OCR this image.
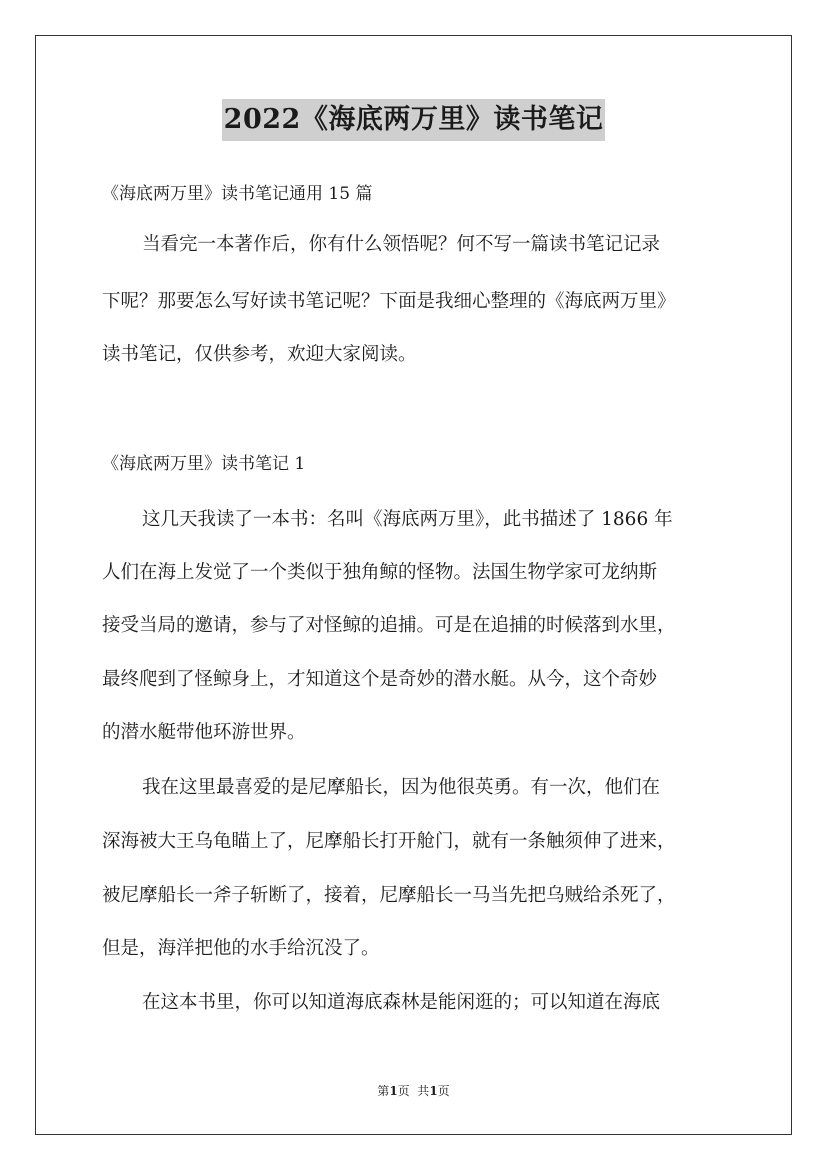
2022《海底两万里》读书笔记
《海底两万里》读书笔记通用 15 篇
当看完一本著作后，你有什么领悟呢？何不写一篇读书笔记记录
下呢？那要怎么写好读书笔记呢？下面是我细心整理的《海底两万里》
读书笔记，仅供参考，欢迎大家阅读。
《海底两万里》读书笔记 1
这几天我读了一本书：名叫《海底两万里》，此书描述了 1866 年
人们在海上发觉了一个类似于独角鲸的怪物。法国生物学家可龙纳斯
接受当局的邀请，参与了对怪鲸的追捕。可是在追捕的时候落到水里，
最终爬到了怪鲸身上，才知道这个是奇妙的潜水艇。从今，这个奇妙
的潜水艇带他环游世界。
我在这里最喜爱的是尼摩船长，因为他很英勇。有一次，他们在
深海被大王乌龟瞄上了，尼摩船长打开舱门，就有一条触须伸了进来，
被尼摩船长一斧子斩断了，接着，尼摩船长一马当先把乌贼给杀死了，
但是，海洋把他的水手给沉没了。
在这本书里，你可以知道海底森林是能闲逛的；可以知道在海底
第1页  共1页
